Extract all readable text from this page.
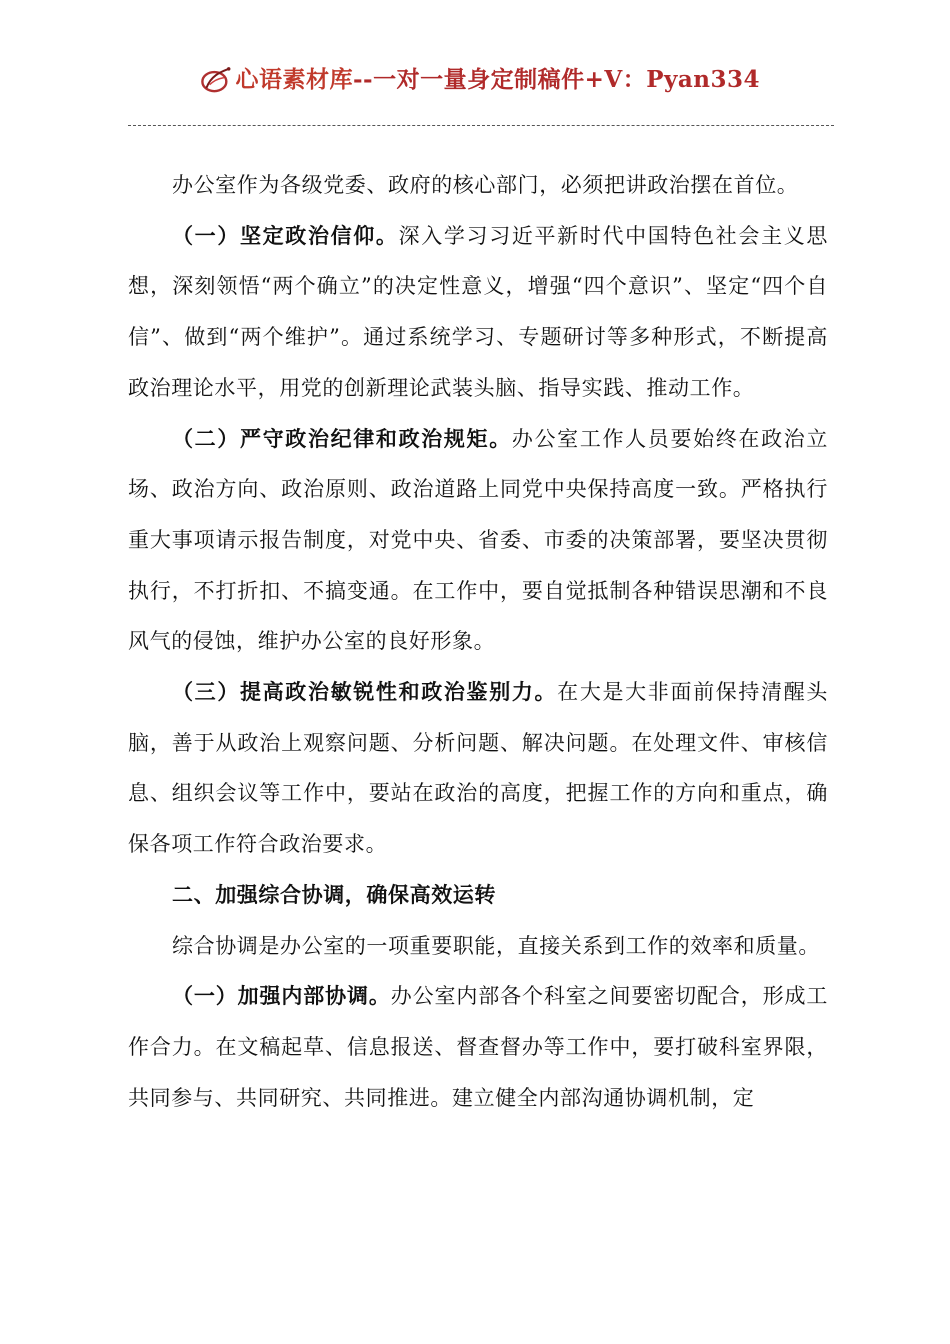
心语素材库--一对一量身定制稿件+V：Pyan334

办公室作为各级党委、政府的核心部门，必须把讲政治摆在首位。

（一）坚定政治信仰。深入学习习近平新时代中国特色社会主义思想，深刻领悟“两个确立”的决定性意义，增强“四个意识”、坚定“四个自信”、做到“两个维护”。通过系统学习、专题研讨等多种形式，不断提高政治理论水平，用党的创新理论武装头脑、指导实践、推动工作。

（二）严守政治纪律和政治规矩。办公室工作人员要始终在政治立场、政治方向、政治原则、政治道路上同党中央保持高度一致。严格执行重大事项请示报告制度，对党中央、省委、市委的决策部署，要坚决贯彻执行，不打折扣、不搞变通。在工作中，要自觉抵制各种错误思潮和不良风气的侵蚀，维护办公室的良好形象。

（三）提高政治敏锐性和政治鉴别力。在大是大非面前保持清醒头脑，善于从政治上观察问题、分析问题、解决问题。在处理文件、审核信息、组织会议等工作中，要站在政治的高度，把握工作的方向和重点，确保各项工作符合政治要求。

二、加强综合协调，确保高效运转

综合协调是办公室的一项重要职能，直接关系到工作的效率和质量。

（一）加强内部协调。办公室内部各个科室之间要密切配合，形成工作合力。在文稿起草、信息报送、督查督办等工作中，要打破科室界限，共同参与、共同研究、共同推进。建立健全内部沟通协调机制，定
